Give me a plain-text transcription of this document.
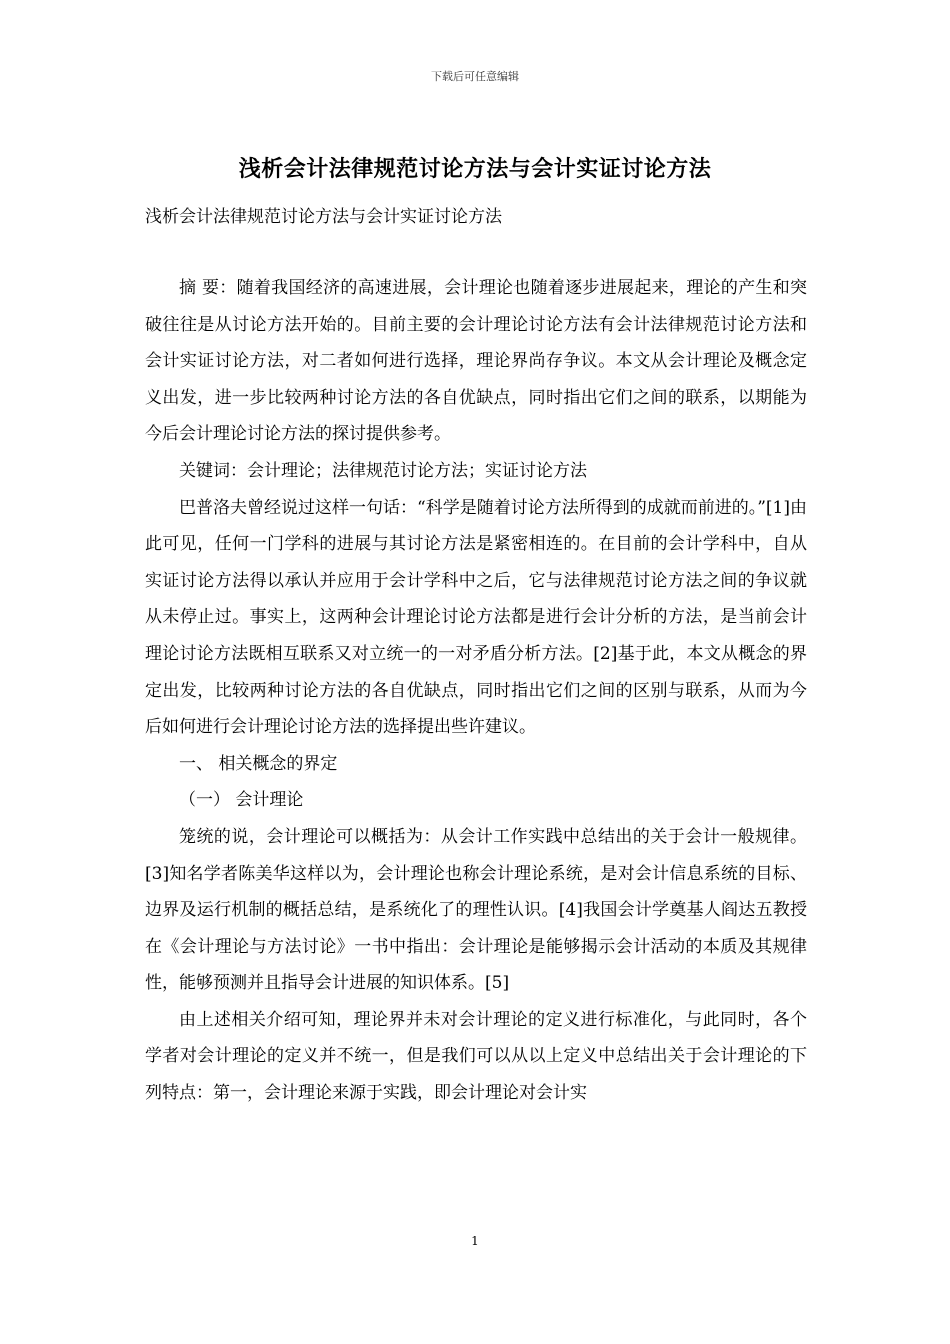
下载后可任意编辑
浅析会计法律规范讨论方法与会计实证讨论方法
浅析会计法律规范讨论方法与会计实证讨论方法

摘 要：随着我国经济的高速进展，会计理论也随着逐步进展起来，理论的产生和突破往往是从讨论方法开始的。目前主要的会计理论讨论方法有会计法律规范讨论方法和会计实证讨论方法，对二者如何进行选择，理论界尚存争议。本文从会计理论及概念定义出发，进一步比较两种讨论方法的各自优缺点，同时指出它们之间的联系，以期能为今后会计理论讨论方法的探讨提供参考。

关键词：会计理论；法律规范讨论方法；实证讨论方法

巴普洛夫曾经说过这样一句话：“科学是随着讨论方法所得到的成就而前进的。”[1]由此可见，任何一门学科的进展与其讨论方法是紧密相连的。在目前的会计学科中，自从实证讨论方法得以承认并应用于会计学科中之后，它与法律规范讨论方法之间的争议就从未停止过。事实上，这两种会计理论讨论方法都是进行会计分析的方法，是当前会计理论讨论方法既相互联系又对立统一的一对矛盾分析方法。[2]基于此，本文从概念的界定出发，比较两种讨论方法的各自优缺点，同时指出它们之间的区别与联系，从而为今后如何进行会计理论讨论方法的选择提出些许建议。

一、 相关概念的界定

（一） 会计理论

笼统的说，会计理论可以概括为：从会计工作实践中总结出的关于会计一般规律。[3]知名学者陈美华这样以为，会计理论也称会计理论系统，是对会计信息系统的目标、边界及运行机制的概括总结，是系统化了的理性认识。[4]我国会计学奠基人阎达五教授在《会计理论与方法讨论》一书中指出：会计理论是能够揭示会计活动的本质及其规律性，能够预测并且指导会计进展的知识体系。[5]

由上述相关介绍可知，理论界并未对会计理论的定义进行标准化，与此同时，各个学者对会计理论的定义并不统一，但是我们可以从以上定义中总结出关于会计理论的下列特点：第一，会计理论来源于实践，即会计理论对会计实

1
